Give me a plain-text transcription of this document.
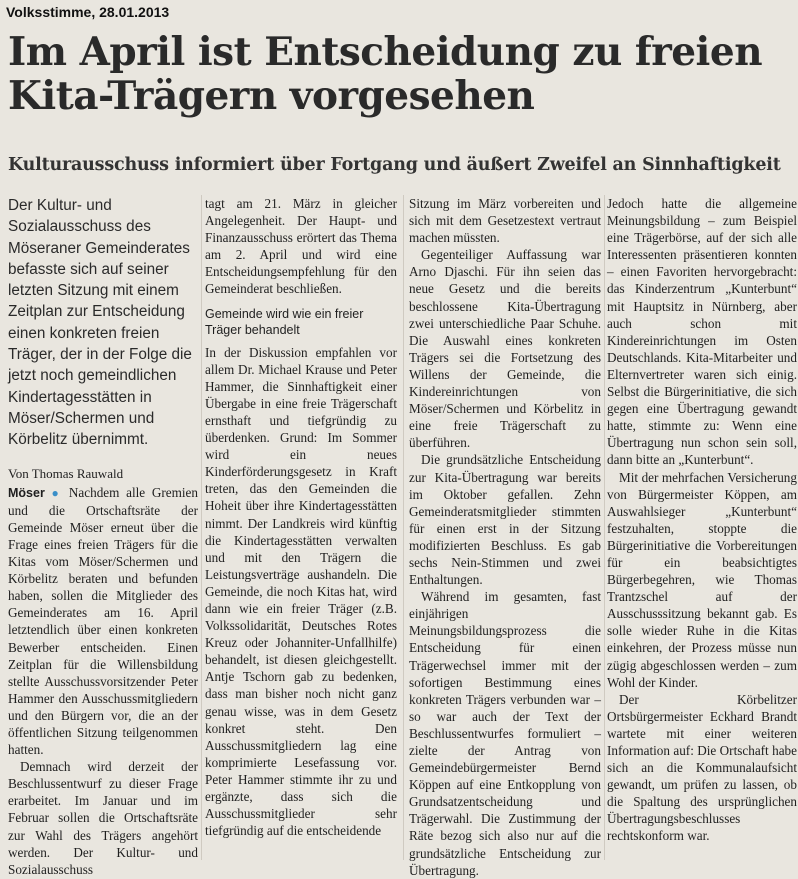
Volksstimme, 28.01.2013
Im April ist Entscheidung zu freien Kita-Trägern vorgesehen
Kulturausschuss informiert über Fortgang und äußert Zweifel an Sinnhaftigkeit
Der Kultur- und Sozialausschuss des Möseraner Gemeinderates befasste sich auf seiner letzten Sitzung mit einem Zeitplan zur Entscheidung einen konkreten freien Träger, der in der Folge die jetzt noch gemeindlichen Kindertagesstätten in Möser/Schermen und Körbelitz übernimmt.
Von Thomas Rauwald

Möser ● Nachdem alle Gremien und die Ortschaftsräte der Gemeinde Möser erneut über die Frage eines freien Trägers für die Kitas vom Möser/Schermen und Körbelitz beraten und befunden haben, sollen die Mitglieder des Gemeinderates am 16. April letztendlich über einen konkreten Bewerber entscheiden. Einen Zeitplan für die Willensbildung stellte Ausschussvorsitzender Peter Hammer den Ausschussmitgliedern und den Bürgern vor, die an der öffentlichen Sitzung teilgenommen hatten.

Demnach wird derzeit der Beschlussentwurf zu dieser Frage erarbeitet. Im Januar und im Februar sollen die Ortschaftsräte zur Wahl des Trägers angehört werden. Der Kultur- und Sozialausschuss

tagt am 21. März in gleicher Angelegenheit. Der Haupt- und Finanzausschuss erörtert das Thema am 2. April und wird eine Entscheidungsempfehlung für den Gemeinderat beschließen.

Gemeinde wird wie ein freier Träger behandelt

In der Diskussion empfahlen vor allem Dr. Michael Krause und Peter Hammer, die Sinnhaftigkeit einer Übergabe in eine freie Trägerschaft ernsthaft und tiefgründig zu überdenken. Grund: Im Sommer wird ein neues Kinderförderungsgesetz in Kraft treten, das den Gemeinden die Hoheit über ihre Kindertagesstätten nimmt. Der Landkreis wird künftig die Kindertagesstätten verwalten und mit den Trägern die Leistungsverträge aushandeln. Die Gemeinde, die noch Kitas hat, wird dann wie ein freier Träger (z.B. Volkssolidarität, Deutsches Rotes Kreuz oder Johanniter-Unfallhilfe) behandelt, ist diesen gleichgestellt. Antje Tschorn gab zu bedenken, dass man bisher noch nicht ganz genau wisse, was in dem Gesetz konkret steht. Den Ausschussmitgliedern lag eine komprimierte Lesefassung vor. Peter Hammer stimmte ihr zu und ergänzte, dass sich die Ausschussmitglieder sehr tiefgründig auf die entscheidende

Sitzung im März vorbereiten und sich mit dem Gesetzestext vertraut machen müssten.

Gegenteiliger Auffassung war Arno Djaschi. Für ihn seien das neue Gesetz und die bereits beschlossene Kita-Übertragung zwei unterschiedliche Paar Schuhe. Die Auswahl eines konkreten Trägers sei die Fortsetzung des Willens der Gemeinde, die Kindereinrichtungen von Möser/Schermen und Körbelitz in eine freie Trägerschaft zu überführen.

Die grundsätzliche Entscheidung zur Kita-Übertragung war bereits im Oktober gefallen. Zehn Gemeinderatsmitglieder stimmten für einen erst in der Sitzung modifizierten Beschluss. Es gab sechs Nein-Stimmen und zwei Enthaltungen.

Während im gesamten, fast einjährigen Meinungsbildungsprozess die Entscheidung für einen Trägerwechsel immer mit der sofortigen Bestimmung eines konkreten Trägers verbunden war – so war auch der Text der Beschlussentwurfes formuliert – zielte der Antrag von Gemeindebürgermeister Bernd Köppen auf eine Entkopplung von Grundsatzentscheidung und Trägerwahl. Die Zustimmung der Räte bezog sich also nur auf die grundsätzliche Entscheidung zur Übertragung.

Jedoch hatte die allgemeine Meinungsbildung – zum Beispiel eine Trägerbörse, auf der sich alle Interessenten präsentieren konnten – einen Favoriten hervorgebracht: das Kinderzentrum „Kunterbunt“ mit Hauptsitz in Nürnberg, aber auch schon mit Kindereinrichtungen im Osten Deutschlands. Kita-Mitarbeiter und Elternvertreter waren sich einig. Selbst die Bürgerinitiative, die sich gegen eine Übertragung gewandt hatte, stimmte zu: Wenn eine Übertragung nun schon sein soll, dann bitte an „Kunterbunt“.

Mit der mehrfachen Versicherung von Bürgermeister Köppen, am Auswahlsieger „Kunterbunt“ festzuhalten, stoppte die Bürgerinitiative die Vorbereitungen für ein beabsichtigtes Bürgerbegehren, wie Thomas Trantzschel auf der Ausschusssitzung bekannt gab. Es solle wieder Ruhe in die Kitas einkehren, der Prozess müsse nun zügig abgeschlossen werden – zum Wohl der Kinder.

Der Körbelitzer Ortsbürgermeister Eckhard Brandt wartete mit einer weiteren Information auf: Die Ortschaft habe sich an die Kommunalaufsicht gewandt, um prüfen zu lassen, ob die Spaltung des ursprünglichen Übertragungsbeschlusses rechtskonform war.
